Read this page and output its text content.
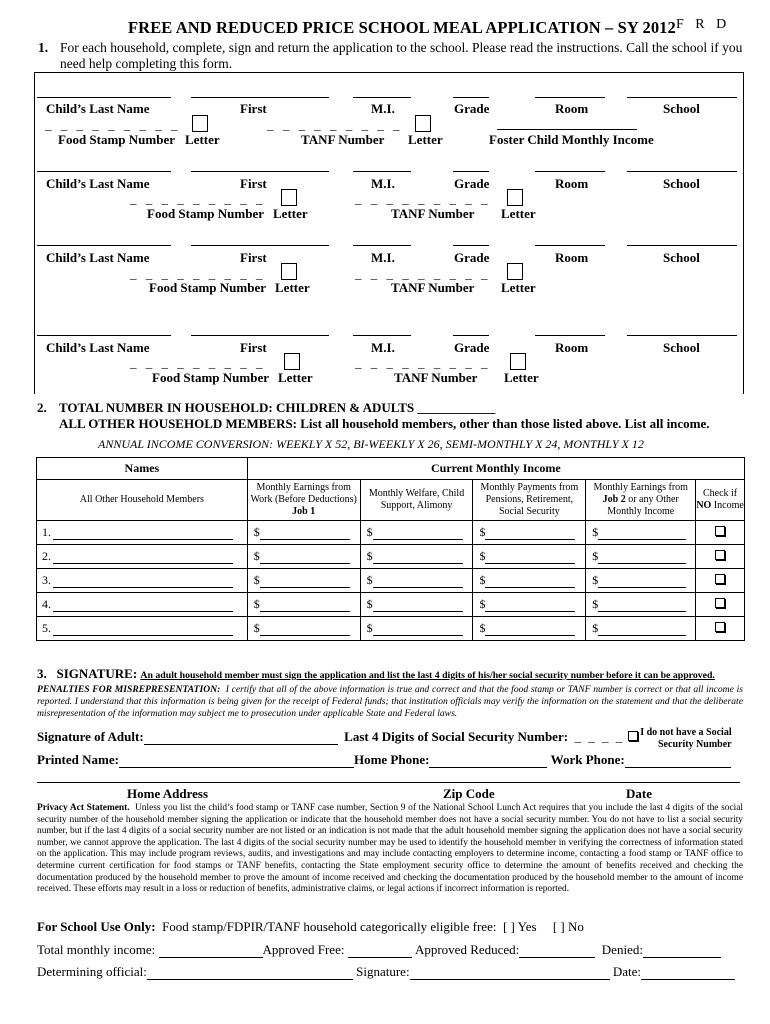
FREE AND REDUCED PRICE SCHOOL MEAL APPLICATION – SY 2012 F R D
1. For each household, complete, sign and return the application to the school. Please read the instructions. Call the school if you need help completing this form.
Child’s Last Name	First	M.I.	Grade	Room	School
_ _ _ _ _ _ _ _ _	_ _ _ _ _ _ _ _ _
Food Stamp Number Letter	TANF Number Letter	Foster Child Monthly Income
Child’s Last Name	First	M.I.	Grade	Room	School
_ _ _ _ _ _ _ _ _	_ _ _ _ _ _ _ _ _
Food Stamp Number Letter	TANF Number Letter
Child’s Last Name	First	M.I.	Grade	Room	School
_ _ _ _ _ _ _ _ _	_ _ _ _ _ _ _ _ _
Food Stamp Number Letter	TANF Number Letter
Child’s Last Name	First	M.I.	Grade	Room	School
_ _ _ _ _ _ _ _ _	_ _ _ _ _ _ _ _ _
Food Stamp Number Letter	TANF Number Letter
2. TOTAL NUMBER IN HOUSEHOLD: CHILDREN & ADULTS ____________
ALL OTHER HOUSEHOLD MEMBERS: List all household members, other than those listed above. List all income.
ANNUAL INCOME CONVERSION: WEEKLY X 52, BI-WEEKLY X 26, SEMI-MONTHLY X 24, MONTHLY X 12
Names	Current Monthly Income				
All Other Household Members	Monthly Earnings from Work (Before Deductions) Job 1	Monthly Welfare, Child Support, Alimony	Monthly Payments from Pensions, Retirement, Social Security	Monthly Earnings from Job 2 or any Other Monthly Income	Check if NO Income
1.	$	$	$	$	
2.	$	$	$	$	
3.	$	$	$	$	
4.	$	$	$	$	
5.	$	$	$	$	
3. SIGNATURE: An adult household member must sign the application and list the last 4 digits of his/her social security number before it can be approved.
PENALTIES FOR MISREPRESENTATION: I certify that all of the above information is true and correct and that the food stamp or TANF number is correct or that all income is reported. I understand that this information is being given for the receipt of Federal funds; that institution officials may verify the information on the statement and that the deliberate misrepresentation of the information may subject me to prosecution under applicable State and Federal laws.
Signature of Adult:	Last 4 Digits of Social Security Number: _ _ _ _	I do not have a Social
Security Number
Printed Name:	Home Phone:	Work Phone:
Home Address	Zip Code	Date
Privacy Act Statement. Unless you list the child’s food stamp or TANF case number, Section 9 of the National School Lunch Act requires that you include the last 4 digits of the social security number of the household member signing the application or indicate that the household member does not have a social security number. You do not have to list a social security number, but if the last 4 digits of a social security number are not listed or an indication is not made that the adult household member signing the application does not have a social security number, we cannot approve the application. The last 4 digits of the social security number may be used to identify the household member in verifying the correctness of information stated on the application. This may include program reviews, audits, and investigations and may include contacting employers to determine income, contacting a food stamp or TANF office to determine current certification for food stamps or TANF benefits, contacting the State employment security office to determine the amount of benefits received and checking the documentation produced by the household member to prove the amount of income received and checking the documentation produced by the household member to the amount of income received. These efforts may result in a loss or reduction of benefits, administrative claims, or legal actions if incorrect information is reported.
For School Use Only: Food stamp/FDPIR/TANF household categorically eligible free: [ ] Yes [ ] No
Total monthly income:	Approved Free:	Approved Reduced:	Denied:
Determining official:	Signature:	Date:
